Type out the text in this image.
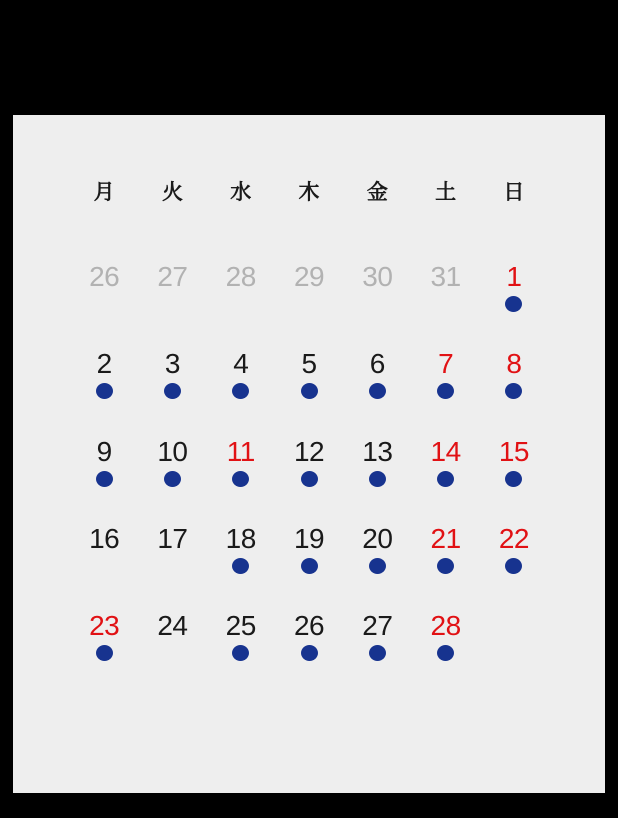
月	火	水	木	金	土	日
26	27	28	29	30	31	1
2	3	4	5	6	7	8
9	10	11	12	13	14	15
16	17	18	19	20	21	22
23	24	25	26	27	28
